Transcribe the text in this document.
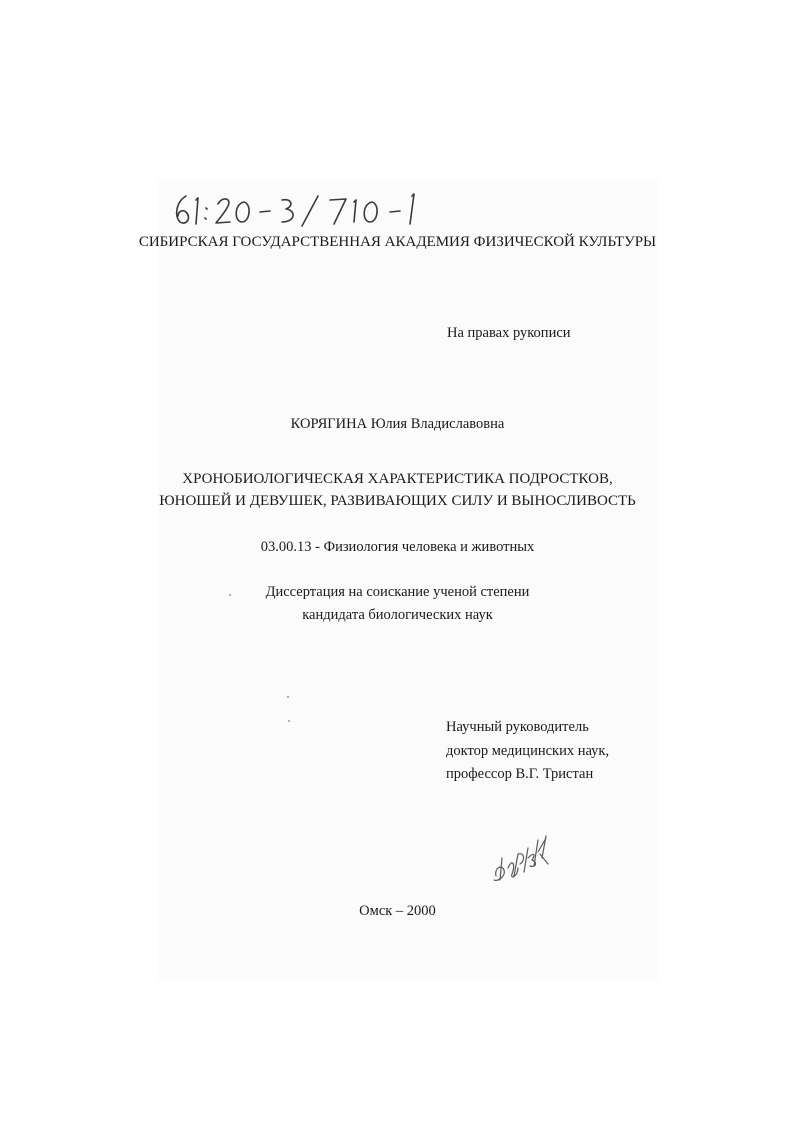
СИБИРСКАЯ ГОСУДАРСТВЕННАЯ АКАДЕМИЯ ФИЗИЧЕСКОЙ КУЛЬТУРЫ
На правах рукописи
КОРЯГИНА Юлия Владиславовна
ХРОНОБИОЛОГИЧЕСКАЯ ХАРАКТЕРИСТИКА ПОДРОСТКОВ,
ЮНОШЕЙ И ДЕВУШЕК, РАЗВИВАЮЩИХ СИЛУ И ВЫНОСЛИВОСТЬ
03.00.13 - Физиология человека и животных
Диссертация на соискание ученой степени
кандидата биологических наук
Научный руководитель
доктор медицинских наук,
профессор В.Г. Тристан
Омск – 2000
